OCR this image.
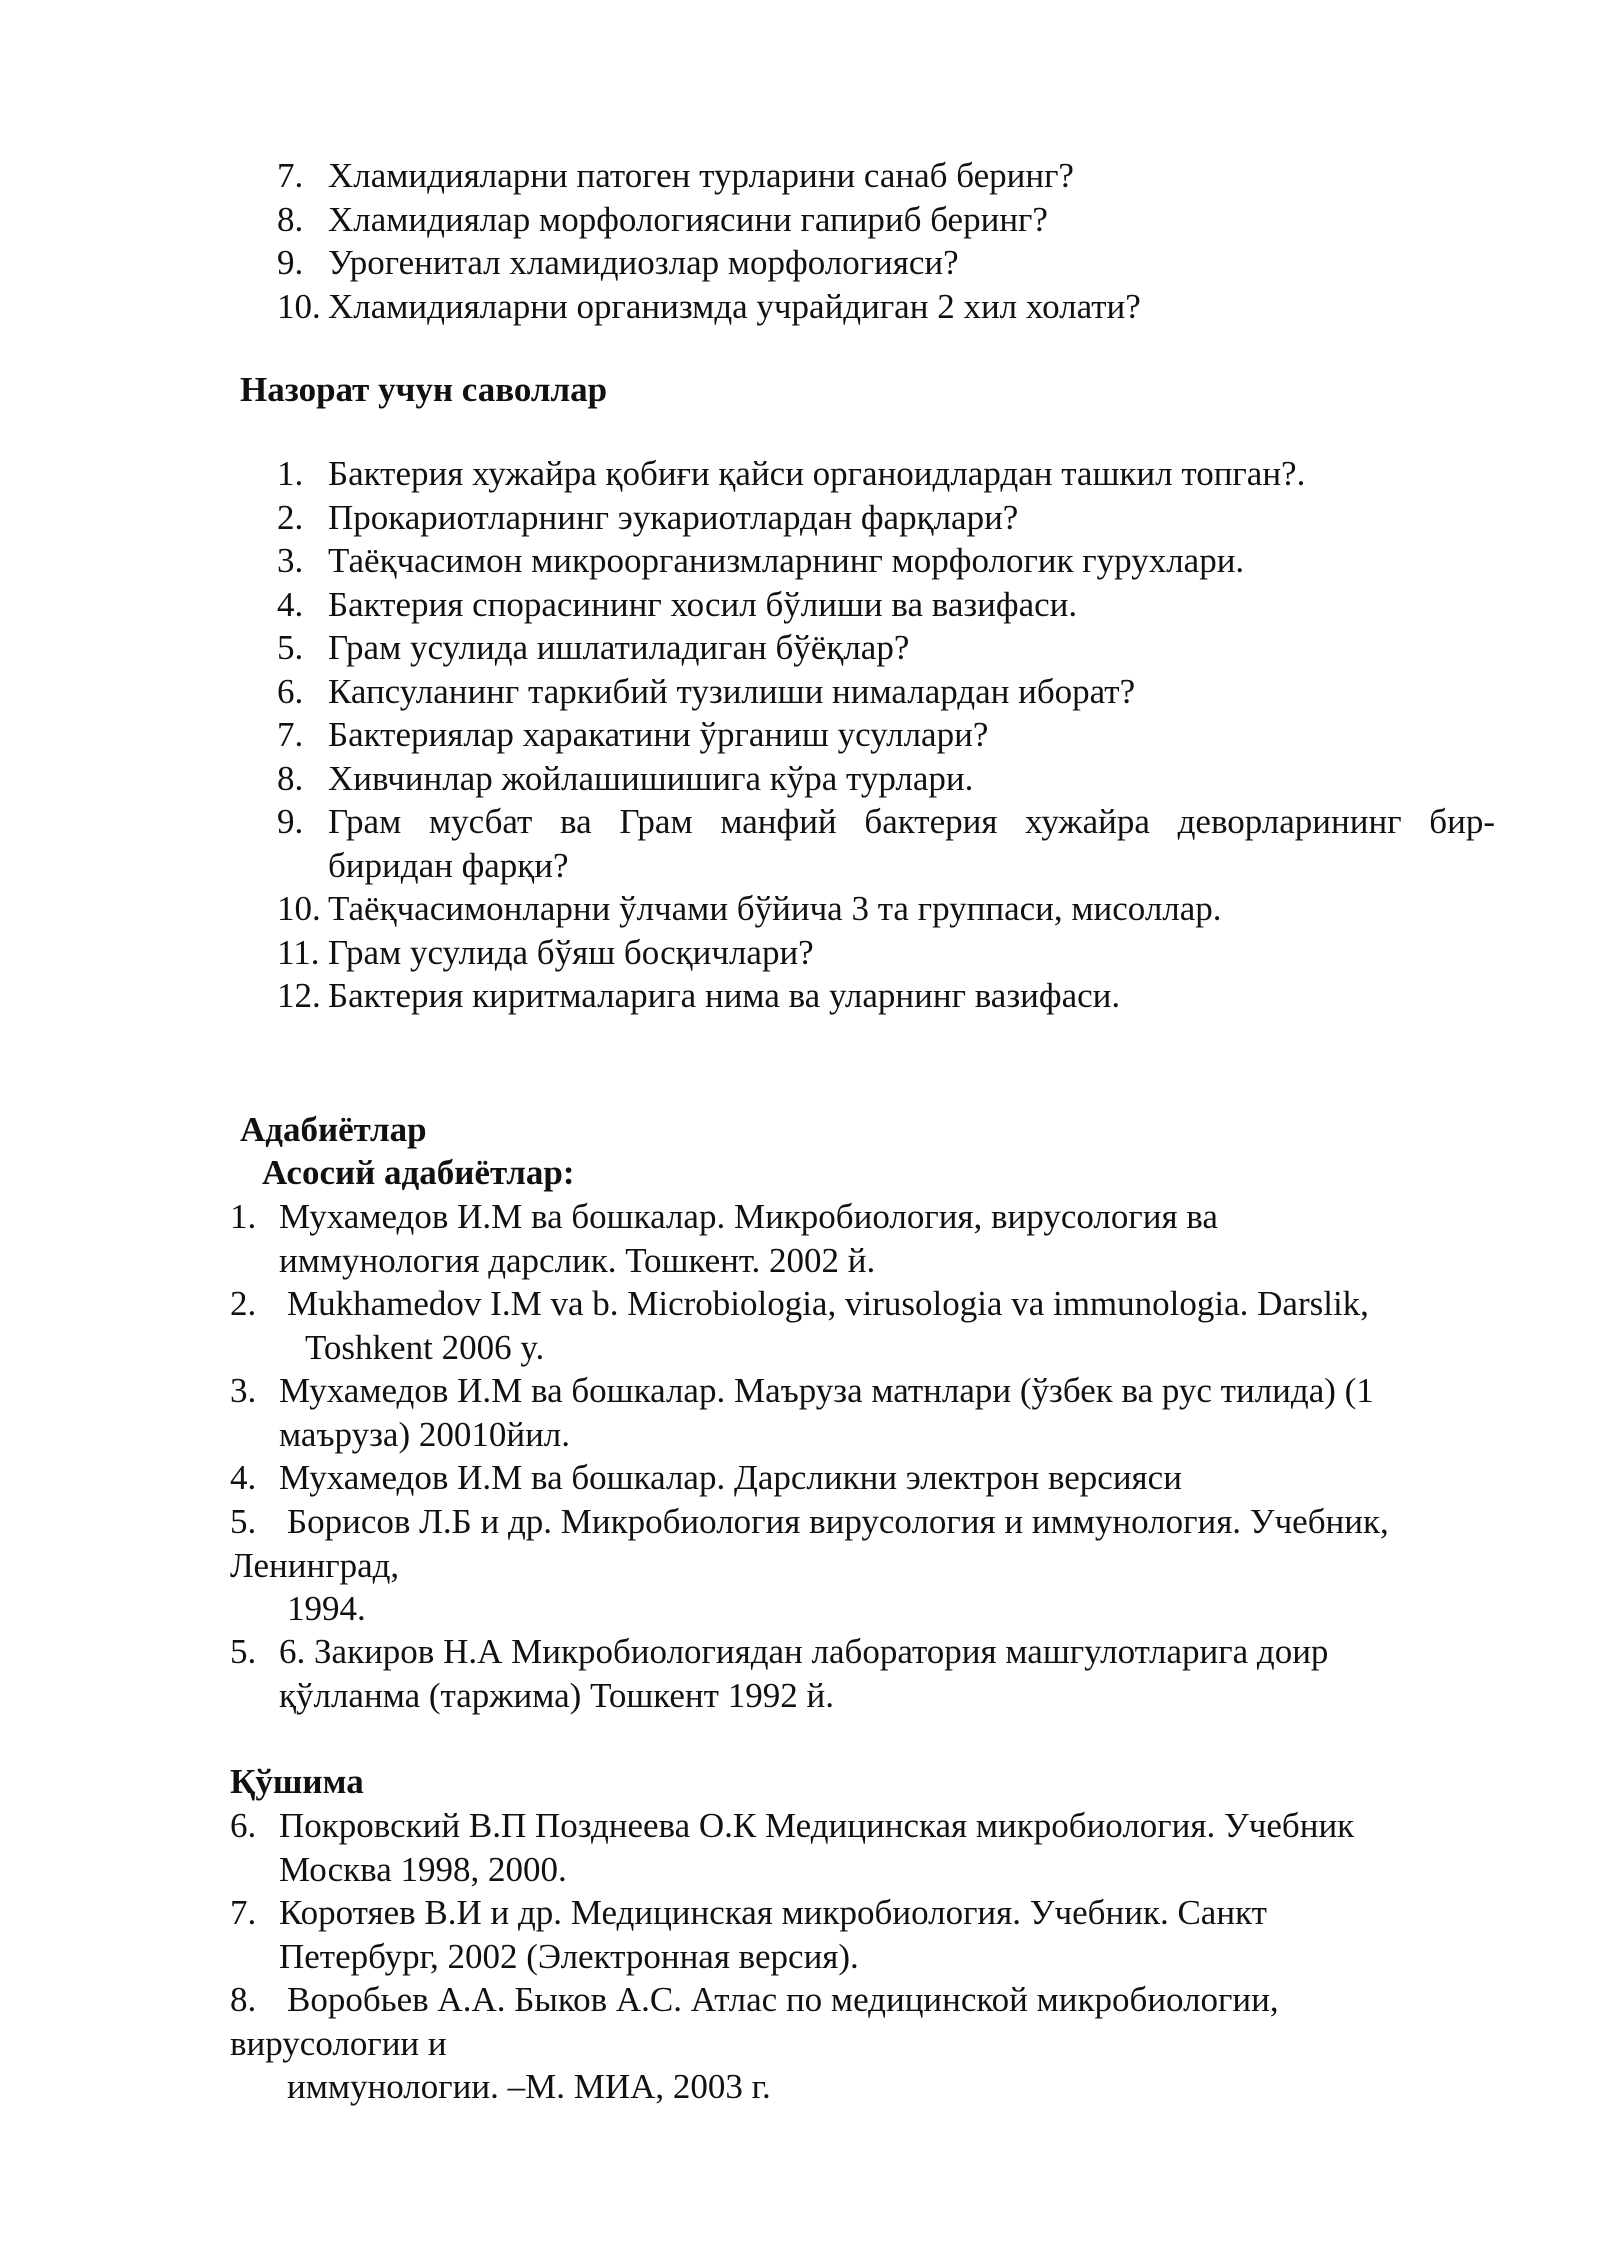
7. Хламидияларни патоген турларини санаб беринг?
8. Хламидиялар морфологиясини гапириб беринг?
9. Урогенитал хламидиозлар морфологияси?
10. Хламидияларни организмда учрайдиган 2 хил холати?
Назорат учун саволлар
1. Бактерия хужайра қобиғи қайси органоидлардан ташкил топган?.
2. Прокариотларнинг эукариотлардан фарқлари?
3. Таёқчасимон микроорганизмларнинг морфологик гурухлари.
4. Бактерия спорасининг хосил бўлиши ва вазифаси.
5. Грам усулида ишлатиладиган бўёқлар?
6. Капсуланинг таркибий тузилиши нималардан иборат?
7. Бактериялар харакатини ўрганиш усуллари?
8. Хивчинлар жойлашишишига кўра турлари.
9. Грам мусбат ва Грам манфий бактерия хужайра деворларининг бир-
биридан фарқи?
10. Таёқчасимонларни ўлчами бўйича 3 та группаси, мисоллар.
11. Грам усулида бўяш босқичлари?
12. Бактерия киритмаларига нима ва уларнинг вазифаси.
Адабиётлар
Асосий адабиётлар:
1. Мухамедов И.М ва бошкалар. Микробиология, вирусология ва
иммунология дарслик. Тошкент. 2002 й.
2. Mukhamedov I.M va b. Microbiologia, virusologia va immunologia. Darslik,
Toshkent 2006 y.
3. Мухамедов И.М ва бошкалар. Маъруза матнлари (ўзбек ва рус тилида) (1
маъруза) 20010йил.
4. Мухамедов И.М ва бошкалар. Дарсликни электрон версияси
5. Борисов Л.Б и др. Микробиология вирусология и иммунология. Учебник,
Ленинград,
1994.
5. 6. Закиров Н.А Микробиологиядан лаборатория машгулотларига доир
қўлланма (таржима) Тошкент 1992 й.
Қўшима
6. Покровский В.П Позднеева О.К Медицинская микробиология. Учебник
Москва 1998, 2000.
7. Коротяев В.И и др. Медицинская микробиология. Учебник. Санкт
Петербург, 2002 (Электронная версия).
8. Воробьев А.А. Быков А.С. Атлас по медицинской микробиологии,
вирусологии и
иммунологии. –М. МИА, 2003 г.
